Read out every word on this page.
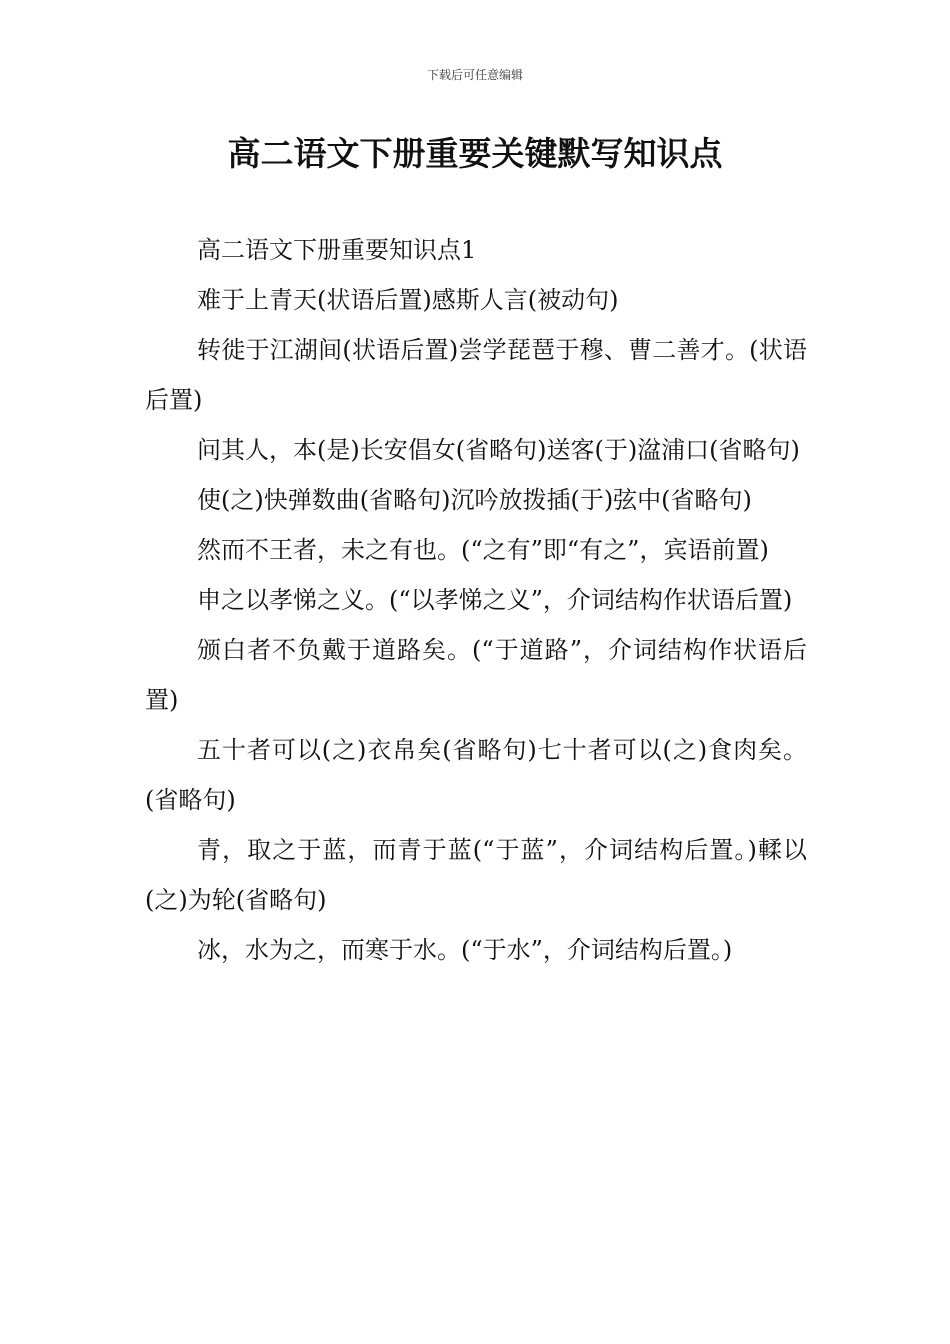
下载后可任意编辑
高二语文下册重要关键默写知识点

高二语文下册重要知识点1

难于上青天(状语后置)感斯人言(被动句)

转徙于江湖间(状语后置)尝学琵琶于穆、曹二善才。(状语后置)

问其人，本(是)长安倡女(省略句)送客(于)湓浦口(省略句)

使(之)快弹数曲(省略句)沉吟放拨插(于)弦中(省略句)

然而不王者，未之有也。(“之有”即“有之”，宾语前置)

申之以孝悌之义。(“以孝悌之义”，介词结构作状语后置)

颁白者不负戴于道路矣。(“于道路”，介词结构作状语后置)

五十者可以(之)衣帛矣(省略句)七十者可以(之)食肉矣。(省略句)

青，取之于蓝，而青于蓝(“于蓝”，介词结构后置。)輮以(之)为轮(省略句)

冰，水为之，而寒于水。(“于水”，介词结构后置。)
